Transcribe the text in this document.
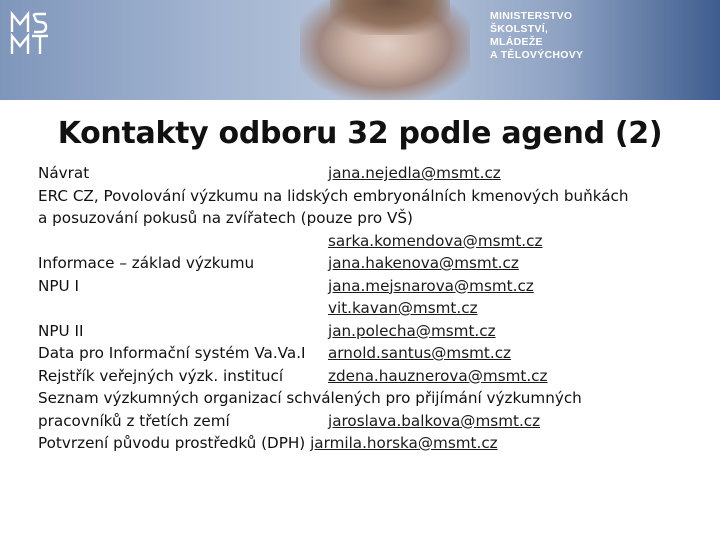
MINISTERSTVO
ŠKOLSTVÍ,
MLÁDEŽE
A TĚLOVÝCHOVY
Kontakty odboru 32 podle agend (2)
Návrat	jana.nejedla@msmt.cz
ERC CZ, Povolování výzkumu na lidských embryonálních kmenových buňkách
a posuzování pokusů na zvířatech (pouze pro VŠ)
sarka.komendova@msmt.cz
Informace – základ výzkumu	jana.hakenova@msmt.cz
NPU I	jana.mejsnarova@msmt.cz
vit.kavan@msmt.cz
NPU II	jan.polecha@msmt.cz
Data pro Informační systém Va.Va.I arnold.santus@msmt.cz
Rejstřík veřejných výzk. institucí	zdena.hauznerova@msmt.cz
Seznam výzkumných organizací schválených pro přijímání výzkumných
pracovníků z třetích zemí	jaroslava.balkova@msmt.cz
Potvrzení původu prostředků (DPH) jarmila.horska@msmt.cz
